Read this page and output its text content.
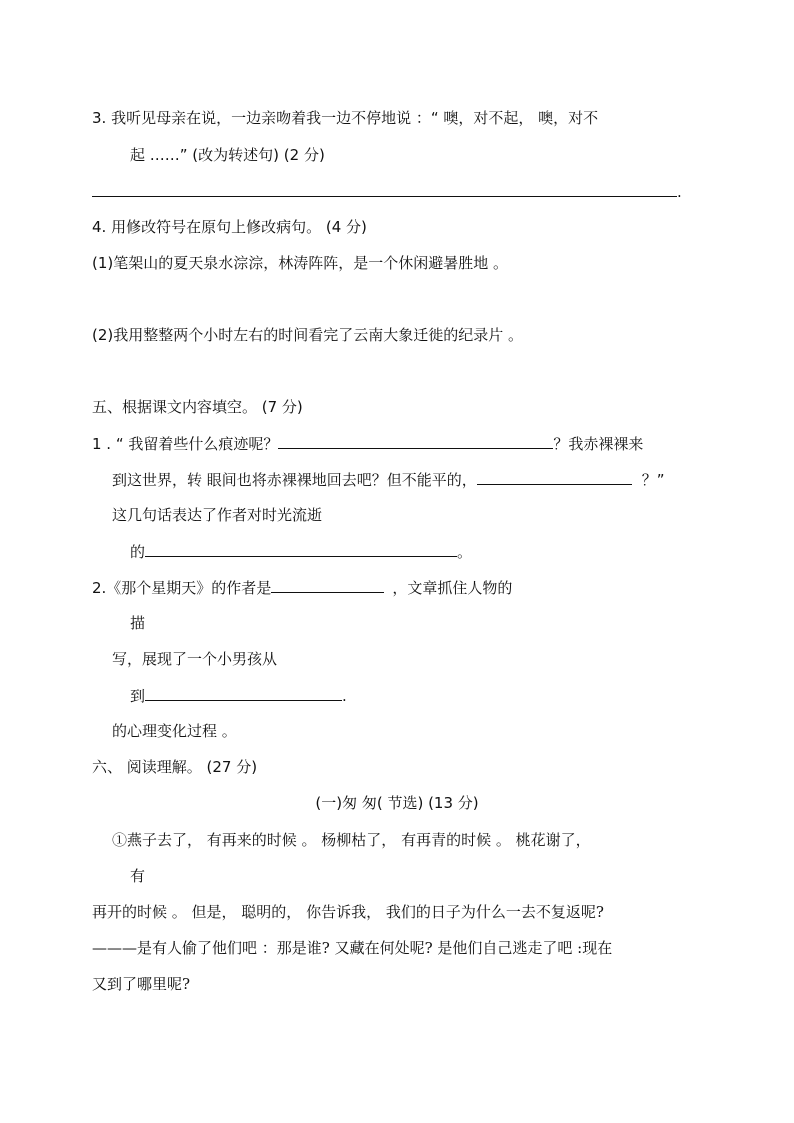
3. 我听见母亲在说，一边亲吻着我一边不停地说 ：“ 噢，对不起， 噢，对不
起 ……” (改为转述句) (2 分)
.
4. 用修改符号在原句上修改病句。 (4 分)
(1)笔架山的夏天泉水淙淙，林涛阵阵，是一个休闲避暑胜地 。
(2)我用整整两个小时左右的时间看完了云南大象迁徙的纪录片 。
五、根据课文内容填空。 (7 分)
1 . “ 我留着些什么痕迹呢？	？我赤裸裸来
到这世界，转 眼间也将赤裸裸地回去吧？但不能平的，	？”
这几句话表达了作者对时光流逝
的	。
2.《那个星期天》的作者是	，文章抓住人物的
描
写，展现了一个小男孩从
到	.
的心理变化过程 。
六、 阅读理解。 (27 分)
(一)匆 匆( 节选) (13 分)
①燕子去了， 有再来的时候 。 杨柳枯了， 有再青的时候 。 桃花谢了，
有
再开的时候 。 但是， 聪明的， 你告诉我， 我们的日子为什么一去不复返呢?
———是有人偷了他们吧 ：那是谁? 又藏在何处呢? 是他们自己逃走了吧 :现在
又到了哪里呢?
